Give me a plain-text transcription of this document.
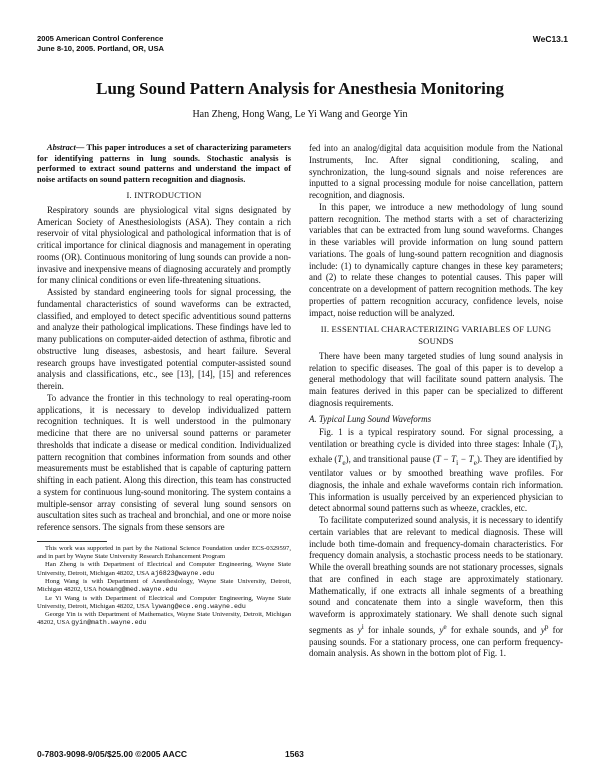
2005 American Control Conference
June 8-10, 2005. Portland, OR, USA
WeC13.1
Lung Sound Pattern Analysis for Anesthesia Monitoring
Han Zheng, Hong Wang, Le Yi Wang and George Yin

Abstract— This paper introduces a set of characterizing parameters for identifying patterns in lung sounds. Stochastic analysis is performed to extract sound patterns and understand the impact of noise artifacts on sound pattern recognition and diagnosis.

I. INTRODUCTION

Respiratory sounds are physiological vital signs designated by American Society of Anesthesiologists (ASA). They contain a rich reservoir of vital physiological and pathological information that is of critical importance for clinical diagnosis and management in operating rooms (OR). Continuous monitoring of lung sounds can provide a non-invasive and inexpensive means of diagnosing accurately and promptly for many clinical conditions or even life-threatening situations.

Assisted by standard engineering tools for signal processing, the fundamental characteristics of sound waveforms can be extracted, classified, and employed to detect specific adventitious sound patterns and analyze their pathological implications. These findings have led to many publications on computer-aided detection of asthma, fibrotic and obstructive lung diseases, asbestosis, and heart failure. Several research groups have investigated potential computer-assisted sound analysis and classifications, etc., see [13], [14], [15] and references therein.

To advance the frontier in this technology to real operating-room applications, it is necessary to develop individualized pattern recognition techniques. It is well understood in the pulmonary medicine that there are no universal sound patterns or parameter thresholds that indicate a disease or medical condition. Individualized pattern recognition that combines information from sounds and other measurements must be established that is capable of capturing pattern shifting in each patient. Along this direction, this team has constructed a system for continuous lung-sound monitoring. The system contains a multiple-sensor array consisting of several lung sound sensors on auscultation sites such as tracheal and bronchial, and one or more noise reference sensors. The signals from these sensors are

This work was supported in part by the National Science Foundation under ECS-0329597, and in part by Wayne State University Research Enhancement Program

Han Zheng is with Department of Electrical and Computer Engineering, Wayne State University, Detroit, Michigan 48202, USA aj6823@wayne.edu

Hong Wang is with Department of Anesthesiology, Wayne State University, Detroit, Michigan 48202, USA howang@med.wayne.edu

Le Yi Wang is with Department of Electrical and Computer Engineering, Wayne State University, Detroit, Michigan 48202, USA lywang@ece.eng.wayne.edu

George Yin is with Department of Mathematics, Wayne State University, Detroit, Michigan 48202, USA gyin@math.wayne.edu

fed into an analog/digital data acquisition module from the National Instruments, Inc. After signal conditioning, scaling, and synchronization, the lung-sound signals and noise references are inputted to a signal processing module for noise cancellation, pattern recognition, and diagnosis.

In this paper, we introduce a new methodology of lung sound pattern recognition. The method starts with a set of characterizing variables that can be extracted from lung sound waveforms. Changes in these variables will provide information on lung sound pattern variations. The goals of lung-sound pattern recognition and diagnosis include: (1) to dynamically capture changes in these key parameters; and (2) to relate these changes to potential causes. This paper will concentrate on a development of pattern recognition methods. The key properties of pattern recognition accuracy, confidence levels, noise impact, noise reduction will be analyzed.

II. ESSENTIAL CHARACTERIZING VARIABLES OF LUNG SOUNDS

There have been many targeted studies of lung sound analysis in relation to specific diseases. The goal of this paper is to develop a general methodology that will facilitate sound pattern analysis. The main features derived in this paper can be specialized to different diagnosis requirements.

A. Typical Lung Sound Waveforms

Fig. 1 is a typical respiratory sound. For signal processing, a ventilation or breathing cycle is divided into three stages: Inhale $(T_i)$, exhale $(T_e)$, and transitional pause $(T - T_i - T_e)$. They are identified by ventilator values or by smoothed breathing wave profiles. For diagnosis, the inhale and exhale waveforms contain rich information. This information is usually perceived by an experienced physician to detect abnormal sound patterns such as wheeze, crackles, etc.

To facilitate computerized sound analysis, it is necessary to identify certain variables that are relevant to medical diagnosis. These will include both time-domain and frequency-domain characteristics. For frequency domain analysis, a stochastic process needs to be stationary. While the overall breathing sounds are not stationary processes, signals that are confined in each stage are approximately stationary. Mathematically, if one extracts all inhale segments of a breathing sound and concatenate them into a single waveform, then this waveform is approximately stationary. We shall denote such signal segments as $y^i$ for inhale sounds, $y^e$ for exhale sounds, and $y^p$ for pausing sounds. For a stationary process, one can perform frequency-domain analysis. As shown in the bottom plot of Fig. 1.

0-7803-9098-9/05/$25.00 ©2005 AACC	1563
